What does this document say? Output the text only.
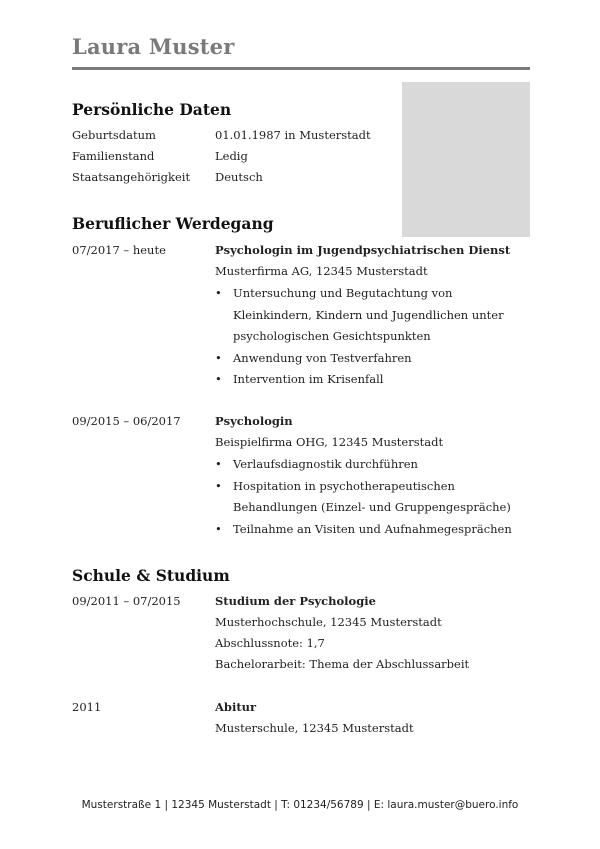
Laura Muster
Persönliche Daten
Geburtsdatum	01.01.1987 in Musterstadt
Familienstand	Ledig
Staatsangehörigkeit	Deutsch
Beruflicher Werdegang
07/2017 – heute	Psychologin im Jugendpsychiatrischen Dienst
Musterfirma AG, 12345 Musterstadt
• Untersuchung und Begutachtung von Kleinkindern, Kindern und Jugendlichen unter psychologischen Gesichtspunkten
• Anwendung von Testverfahren
• Intervention im Krisenfall
09/2015 – 06/2017	Psychologin
Beispielfirma OHG, 12345 Musterstadt
• Verlaufsdiagnostik durchführen
• Hospitation in psychotherapeutischen Behandlungen (Einzel- und Gruppengespräche)
• Teilnahme an Visiten und Aufnahmegesprächen
Schule & Studium
09/2011 – 07/2015	Studium der Psychologie
Musterhochschule, 12345 Musterstadt
Abschlussnote: 1,7
Bachelorarbeit: Thema der Abschlussarbeit
2011	Abitur
Musterschule, 12345 Musterstadt
Musterstraße 1 | 12345 Musterstadt | T: 01234/56789 | E: laura.muster@buero.info
